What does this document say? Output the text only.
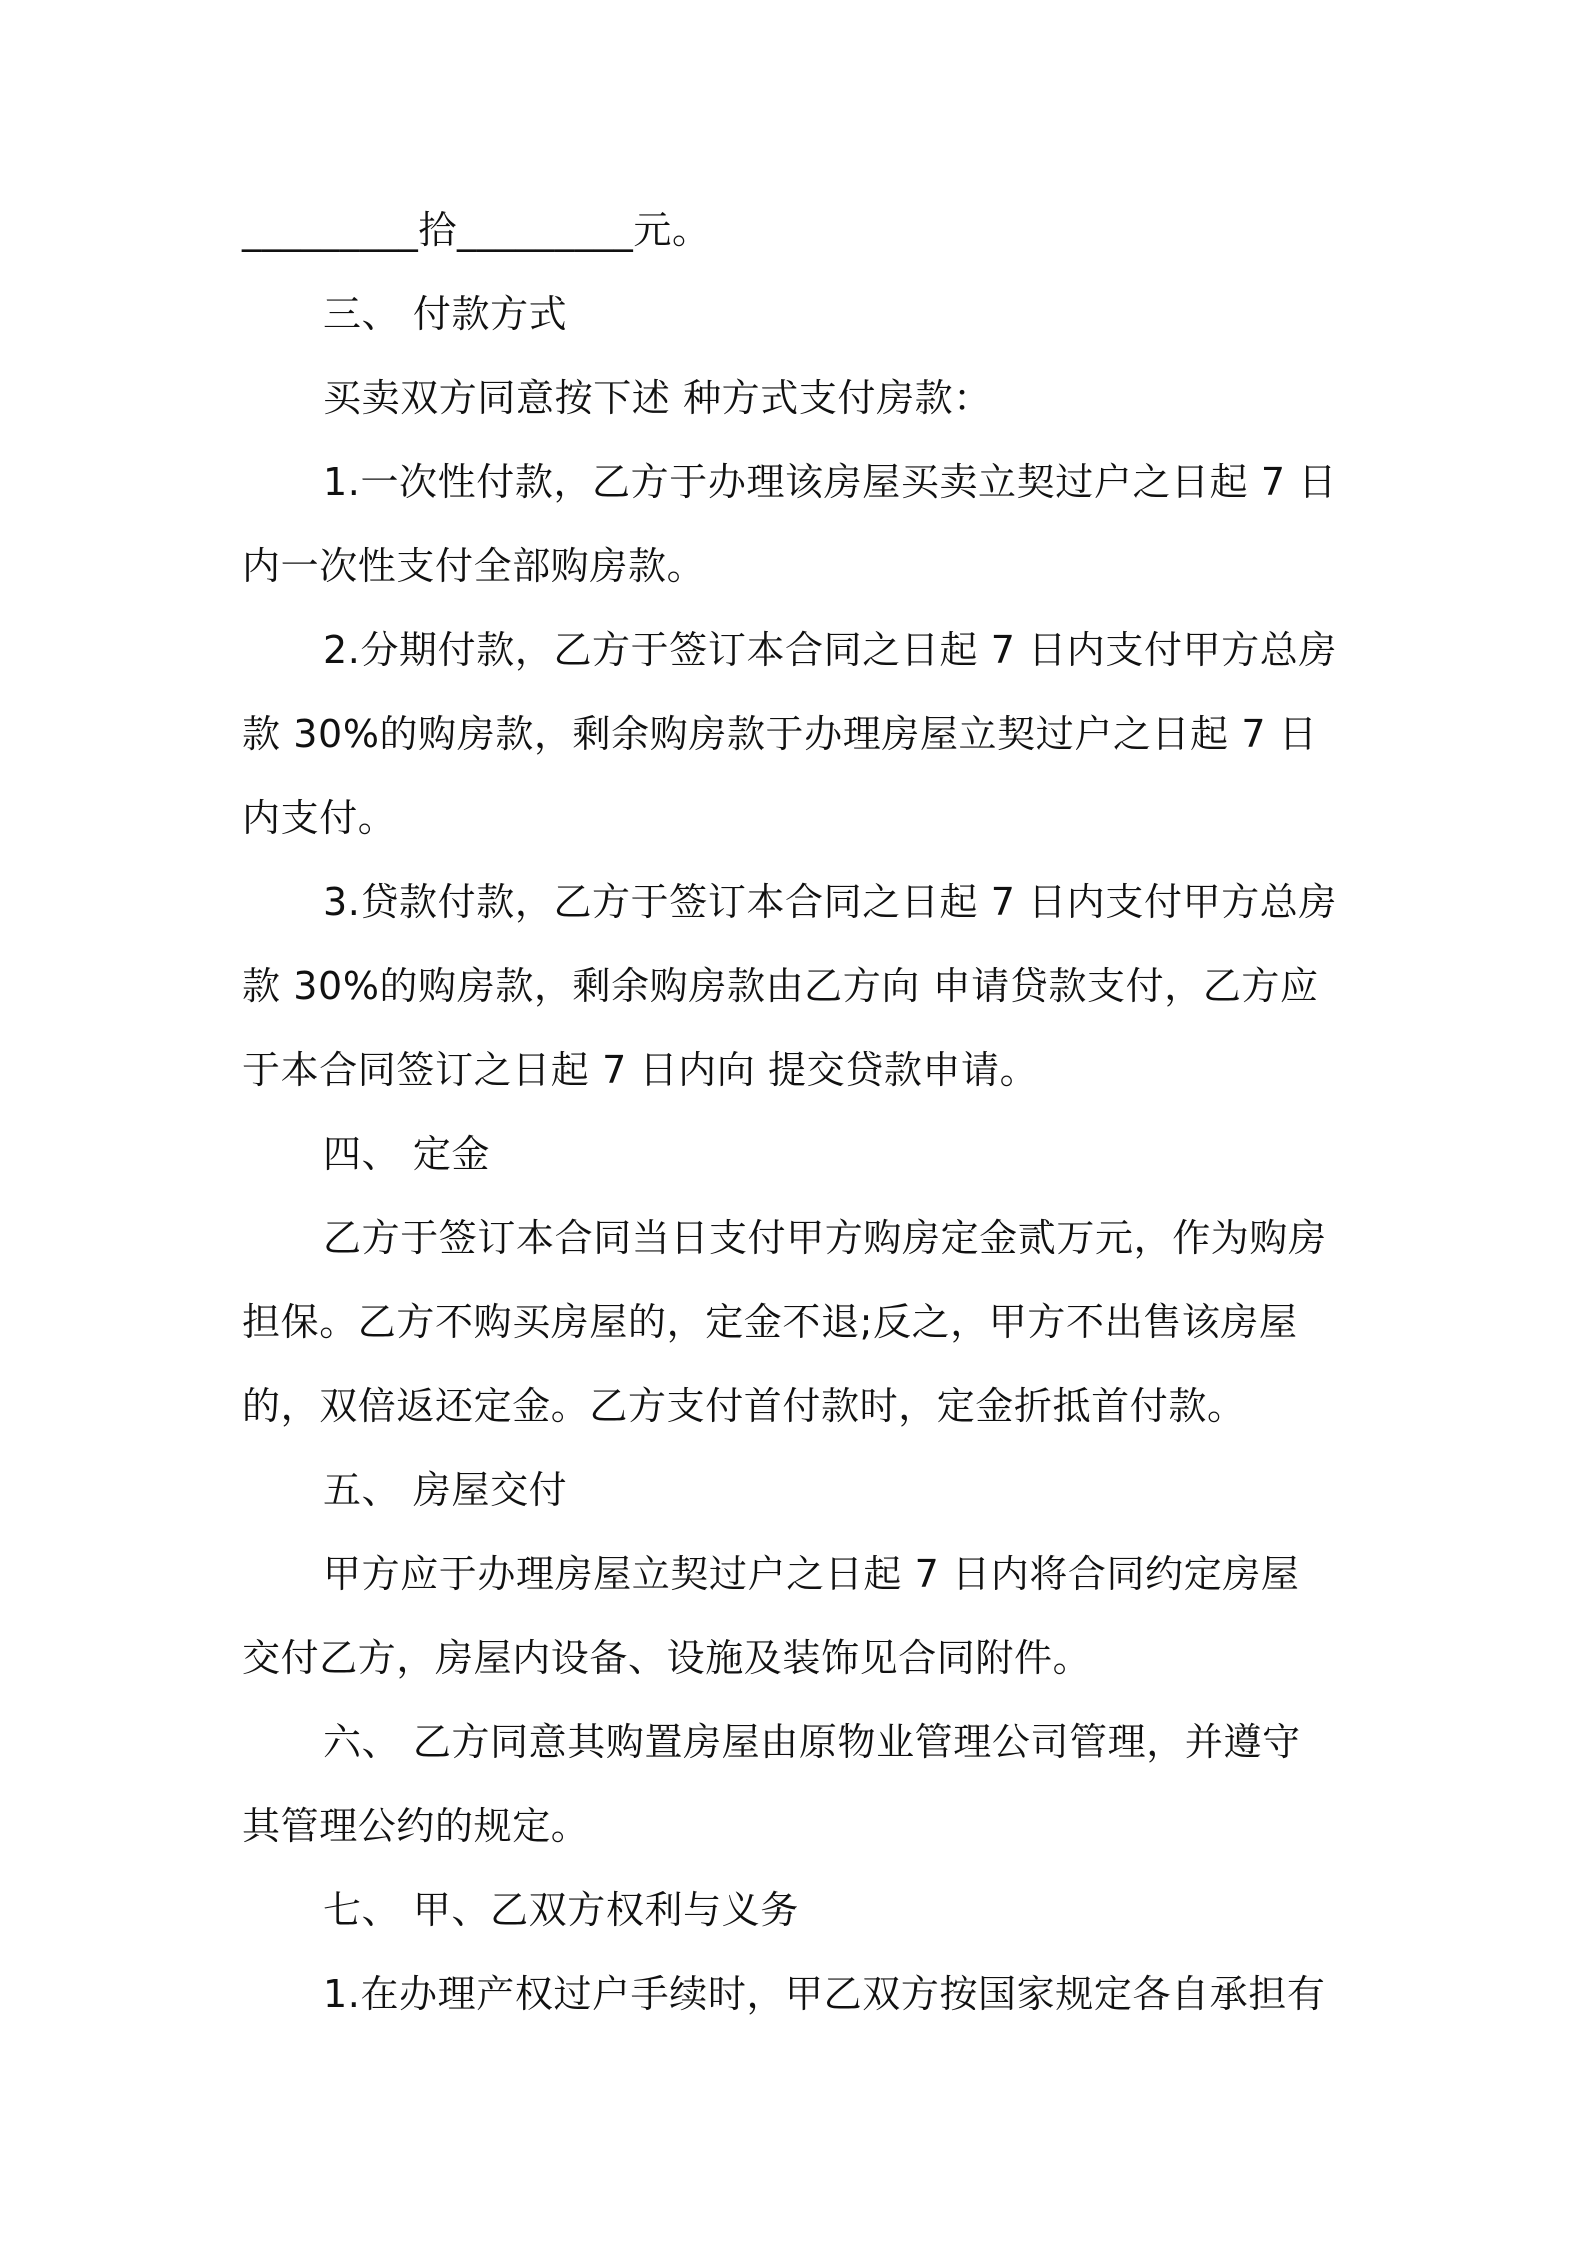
_________拾_________元。
三、 付款方式
买卖双方同意按下述 种方式支付房款：
1.一次性付款，乙方于办理该房屋买卖立契过户之日起 7 日
内一次性支付全部购房款。
2.分期付款，乙方于签订本合同之日起 7 日内支付甲方总房
款 30%的购房款，剩余购房款于办理房屋立契过户之日起 7 日
内支付。
3.贷款付款，乙方于签订本合同之日起 7 日内支付甲方总房
款 30%的购房款，剩余购房款由乙方向 申请贷款支付，乙方应
于本合同签订之日起 7 日内向 提交贷款申请。
四、 定金
乙方于签订本合同当日支付甲方购房定金贰万元，作为购房
担保。乙方不购买房屋的，定金不退;反之，甲方不出售该房屋
的，双倍返还定金。乙方支付首付款时，定金折抵首付款。
五、 房屋交付
甲方应于办理房屋立契过户之日起 7 日内将合同约定房屋
交付乙方，房屋内设备、设施及装饰见合同附件。
六、 乙方同意其购置房屋由原物业管理公司管理，并遵守
其管理公约的规定。
七、 甲、乙双方权利与义务
1.在办理产权过户手续时，甲乙双方按国家规定各自承担有
